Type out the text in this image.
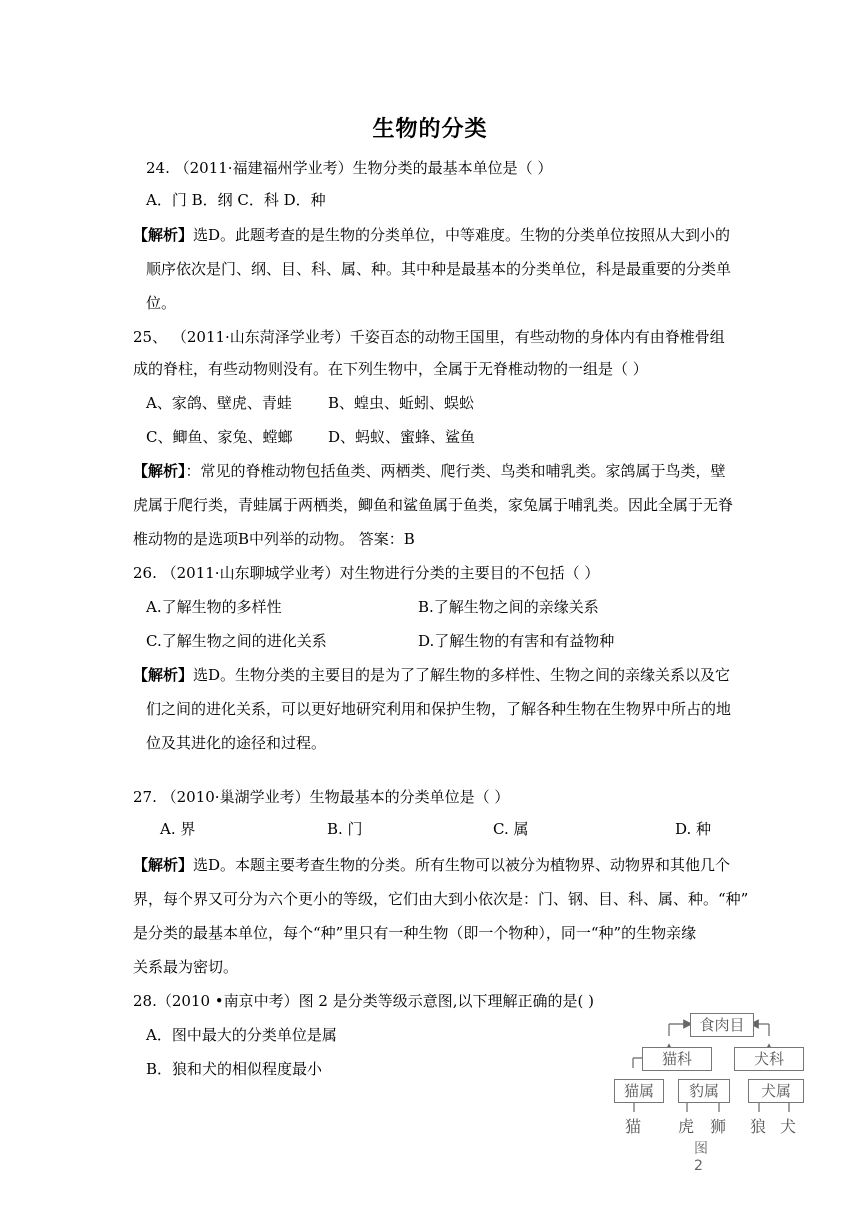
生物的分类
24. （2011·福建福州学业考）生物分类的最基本单位是（ ）
A．门 B．纲 C．科 D．种
【解析】选D。此题考查的是生物的分类单位，中等难度。生物的分类单位按照从大到小的
顺序依次是门、纲、目、科、属、种。其中种是最基本的分类单位，科是最重要的分类单
位。
25、 （2011·山东菏泽学业考）千姿百态的动物王国里，有些动物的身体内有由脊椎骨组
成的脊柱，有些动物则没有。在下列生物中，全属于无脊椎动物的一组是（ ）
A、家鸽、壁虎、青蛙 B、蝗虫、蚯蚓、蜈蚣
C、鲫鱼、家兔、螳螂 D、蚂蚁、蜜蜂、鲨鱼
【解析】：常见的脊椎动物包括鱼类、两栖类、爬行类、鸟类和哺乳类。家鸽属于鸟类，壁
虎属于爬行类，青蛙属于两栖类，鲫鱼和鲨鱼属于鱼类，家兔属于哺乳类。因此全属于无脊
椎动物的是选项B中列举的动物。 答案：B
26. （2011·山东聊城学业考）对生物进行分类的主要目的不包括（ ）
A.了解生物的多样性	B.了解生物之间的亲缘关系
C.了解生物之间的进化关系	D.了解生物的有害和有益物种
【解析】选D。生物分类的主要目的是为了了解生物的多样性、生物之间的亲缘关系以及它
们之间的进化关系，可以更好地研究利用和保护生物，了解各种生物在生物界中所占的地
位及其进化的途径和过程。
27. （2010·巢湖学业考）生物最基本的分类单位是（ ）
A. 界	B. 门	C. 属	D. 种
【解析】选D。本题主要考查生物的分类。所有生物可以被分为植物界、动物界和其他几个
界，每个界又可分为六个更小的等级，它们由大到小依次是：门、钢、目、科、属、种。“种”
是分类的最基本单位，每个“种”里只有一种生物（即一个物种），同一“种”的生物亲缘
关系最为密切。
28.（2010 •南京中考）图 2 是分类等级示意图,以下理解正确的是( )
A．图中最大的分类单位是属
B．狼和犬的相似程度最小
食肉目
猫科	犬科
猫属	豹属	犬属
猫 虎 狮 狼 犬
图 2
